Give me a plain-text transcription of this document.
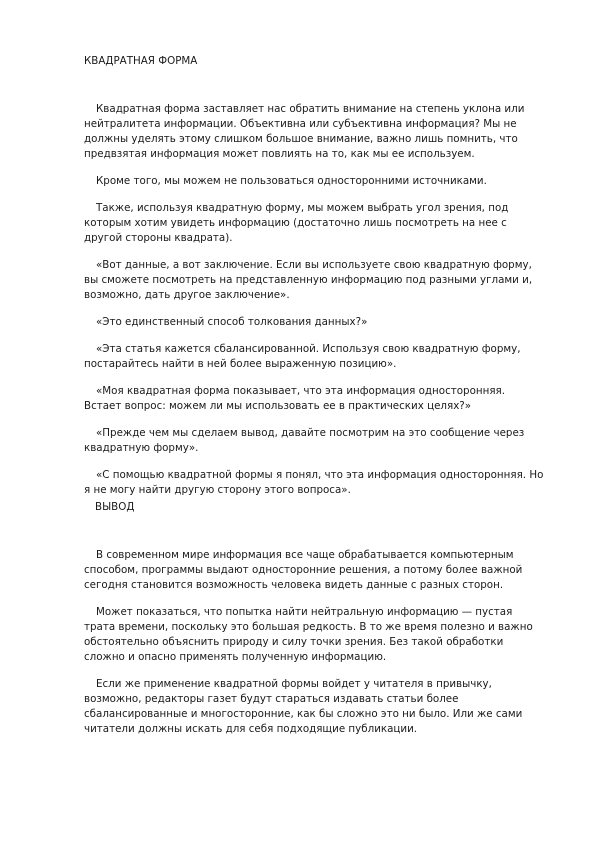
КВАДРАТНАЯ ФОРМА

Квадратная форма заставляет нас обратить внимание на степень уклона или нейтралитета информации. Объективна или субъективна информация? Мы не должны уделять этому слишком большое внимание, важно лишь помнить, что предвзятая информация может повлиять на то, как мы ее используем.

Кроме того, мы можем не пользоваться односторонними источниками.

Также, используя квадратную форму, мы можем выбрать угол зрения, под которым хотим увидеть информацию (достаточно лишь посмотреть на нее с другой стороны квадрата).

«Вот данные, а вот заключение. Если вы используете свою квадратную форму, вы сможете посмотреть на представленную информацию под разными углами и, возможно, дать другое заключение».

«Это единственный способ толкования данных?»

«Эта статья кажется сбалансированной. Используя свою квадратную форму, постарайтесь найти в ней более выраженную позицию».

«Моя квадратная форма показывает, что эта информация односторонняя. Встает вопрос: можем ли мы использовать ее в практических целях?»

«Прежде чем мы сделаем вывод, давайте посмотрим на это сообщение через квадратную форму».

«С помощью квадратной формы я понял, что эта информация односторонняя. Но я не могу найти другую сторону этого вопроса».

ВЫВОД

В современном мире информация все чаще обрабатывается компьютерным способом, программы выдают односторонние решения, а потому более важной сегодня становится возможность человека видеть данные с разных сторон.

Может показаться, что попытка найти нейтральную информацию — пустая трата времени, поскольку это большая редкость. В то же время полезно и важно обстоятельно объяснить природу и силу точки зрения. Без такой обработки сложно и опасно применять полученную информацию.

Если же применение квадратной формы войдет у читателя в привычку, возможно, редакторы газет будут стараться издавать статьи более сбалансированные и многосторонние, как бы сложно это ни было. Или же сами читатели должны искать для себя подходящие публикации.
